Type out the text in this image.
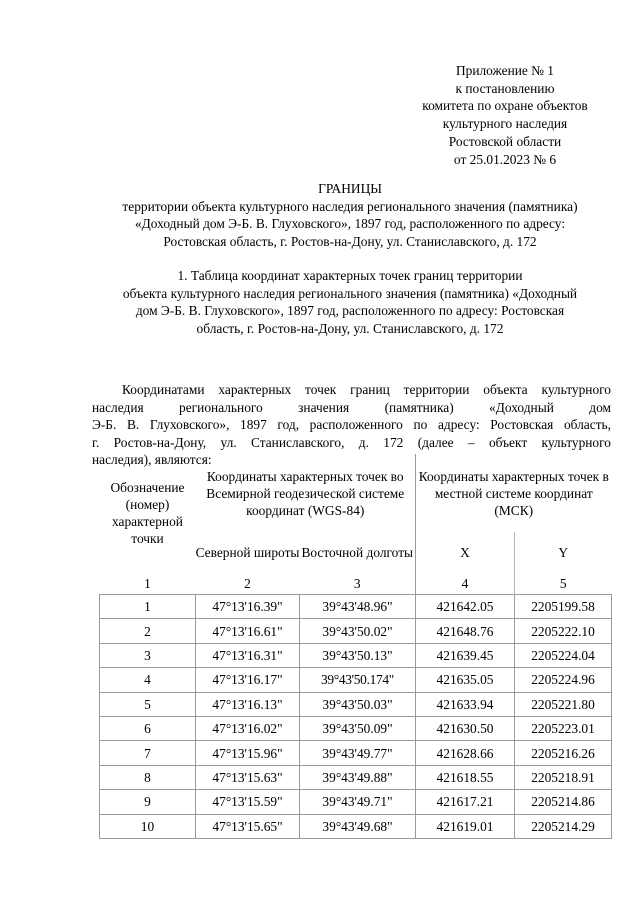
Приложение № 1
к постановлению
комитета по охране объектов
культурного наследия
Ростовской области
от 25.01.2023 № 6
ГРАНИЦЫ
территории объекта культурного наследия регионального значения (памятника)
«Доходный дом Э-Б. В. Глуховского», 1897 год, расположенного по адресу:
Ростовская область, г. Ростов-на-Дону, ул. Станиславского, д. 172
1. Таблица координат характерных точек границ территории
объекта культурного наследия регионального значения (памятника) «Доходный
дом Э-Б. В. Глуховского», 1897 год, расположенного по адресу: Ростовская
область, г. Ростов-на-Дону, ул. Станиславского, д. 172
Координатами характерных точек границ территории объекта культурного
наследия регионального значения (памятника) «Доходный дом
Э-Б. В. Глуховского», 1897 год, расположенного по адресу: Ростовская область,
г. Ростов-на-Дону, ул. Станиславского, д. 172 (далее – объект культурного
наследия), являются:
Обозначение (номер) характерной точки	Координаты характерных точек во Всемирной геодезической системе координат (WGS-84)		Координаты характерных точек в местной системе координат (МСК)	
	Северной широты	Восточной долготы	X	Y
1	2	3	4	5
1	47°13'16.39"	39°43'48.96"	421642.05	2205199.58
2	47°13'16.61"	39°43'50.02"	421648.76	2205222.10
3	47°13'16.31"	39°43'50.13"	421639.45	2205224.04
4	47°13'16.17"	39°43'50.174"	421635.05	2205224.96
5	47°13'16.13"	39°43'50.03"	421633.94	2205221.80
6	47°13'16.02"	39°43'50.09"	421630.50	2205223.01
7	47°13'15.96"	39°43'49.77"	421628.66	2205216.26
8	47°13'15.63"	39°43'49.88"	421618.55	2205218.91
9	47°13'15.59"	39°43'49.71"	421617.21	2205214.86
10	47°13'15.65"	39°43'49.68"	421619.01	2205214.29
